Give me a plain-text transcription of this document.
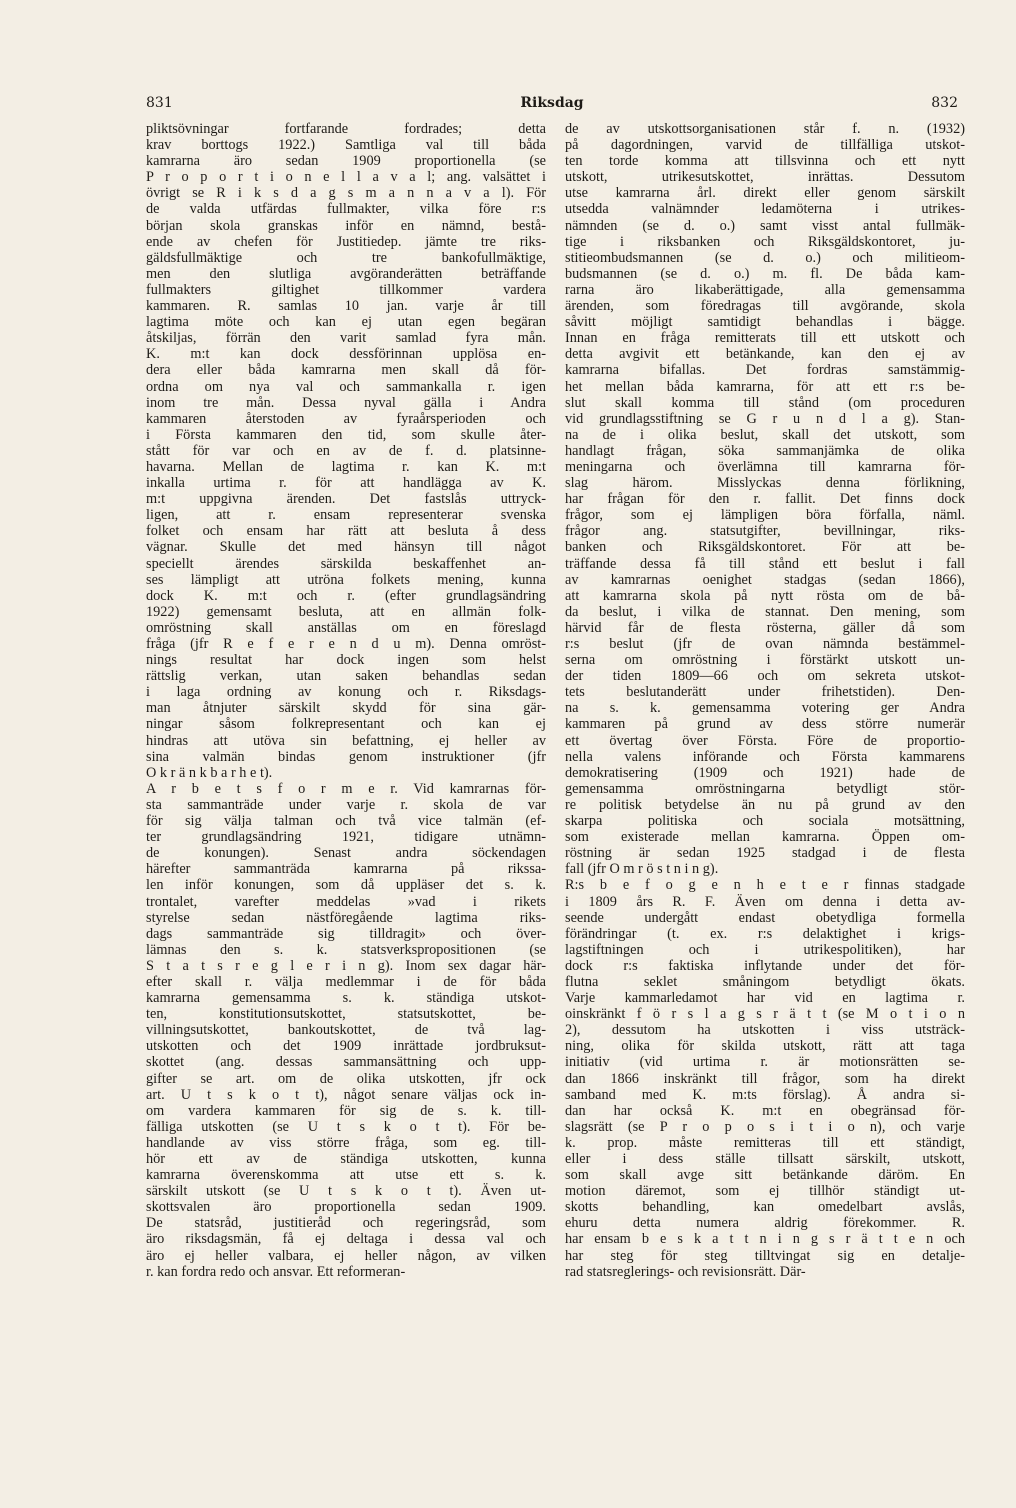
831	Riksdag	832
pliktsövningar fortfarande fordrades; detta
krav borttogs 1922.) Samtliga val till båda
kamrarna äro sedan 1909 proportionella (se
P r o p o r t i o n e l l a v a l; ang. valsättet i
övrigt se R i k s d a g s m a n n a v a l). För
de valda utfärdas fullmakter, vilka före r:s
början skola granskas inför en nämnd, bestå-
ende av chefen för Justitiedep. jämte tre riks-
gäldsfullmäktige och tre bankofullmäktige,
men den slutliga avgöranderätten beträffande
fullmakters giltighet tillkommer vardera
kammaren. R. samlas 10 jan. varje år till
lagtima möte och kan ej utan egen begäran
åtskiljas, förrän den varit samlad fyra mån.
K. m:t kan dock dessförinnan upplösa en-
dera eller båda kamrarna men skall då för-
ordna om nya val och sammankalla r. igen
inom tre mån. Dessa nyval gälla i Andra
kammaren återstoden av fyraårsperioden och
i Första kammaren den tid, som skulle åter-
stått för var och en av de f. d. platsinne-
havarna. Mellan de lagtima r. kan K. m:t
inkalla urtima r. för att handlägga av K.
m:t uppgivna ärenden. Det fastslås uttryck-
ligen, att r. ensam representerar svenska
folket och ensam har rätt att besluta å dess
vägnar. Skulle det med hänsyn till något
speciellt ärendes särskilda beskaffenhet an-
ses lämpligt att utröna folkets mening, kunna
dock K. m:t och r. (efter grundlagsändring
1922) gemensamt besluta, att en allmän folk-
omröstning skall anställas om en föreslagd
fråga (jfr R e f e r e n d u m). Denna omröst-
nings resultat har dock ingen som helst
rättslig verkan, utan saken behandlas sedan
i laga ordning av konung och r. Riksdags-
man åtnjuter särskilt skydd för sina gär-
ningar såsom folkrepresentant och kan ej
hindras att utöva sin befattning, ej heller av
sina valmän bindas genom instruktioner (jfr
O k r ä n k b a r h e t).
A r b e t s f o r m e r. Vid kamrarnas för-
sta sammanträde under varje r. skola de var
för sig välja talman och två vice talmän (ef-
ter grundlagsändring 1921, tidigare utnämn-
de konungen). Senast andra söckendagen
härefter sammanträda kamrarna på rikssa-
len inför konungen, som då uppläser det s. k.
trontalet, varefter meddelas »vad i rikets
styrelse sedan nästföregående lagtima riks-
dags sammanträde sig tilldragit» och över-
lämnas den s. k. statsverkspropositionen (se
S t a t s r e g l e r i n g). Inom sex dagar här-
efter skall r. välja medlemmar i de för båda
kamrarna gemensamma s. k. ständiga utskot-
ten, konstitutionsutskottet, statsutskottet, be-
villningsutskottet, bankoutskottet, de två lag-
utskotten och det 1909 inrättade jordbruksut-
skottet (ang. dessas sammansättning och upp-
gifter se art. om de olika utskotten, jfr ock
art. U t s k o t t), något senare väljas ock in-
om vardera kammaren för sig de s. k. till-
fälliga utskotten (se U t s k o t t). För be-
handlande av viss större fråga, som eg. till-
hör ett av de ständiga utskotten, kunna
kamrarna överenskomma att utse ett s. k.
särskilt utskott (se U t s k o t t). Även ut-
skottsvalen äro proportionella sedan 1909.
De statsråd, justitieråd och regeringsråd, som
äro riksdagsmän, få ej deltaga i dessa val och
äro ej heller valbara, ej heller någon, av vilken
r. kan fordra redo och ansvar. Ett reformeran-
de av utskottsorganisationen står f. n. (1932)
på dagordningen, varvid de tillfälliga utskot-
ten torde komma att tillsvinna och ett nytt
utskott, utrikesutskottet, inrättas. Dessutom
utse kamrarna årl. direkt eller genom särskilt
utsedda valnämnder ledamöterna i utrikes-
nämnden (se d. o.) samt visst antal fullmäk-
tige i riksbanken och Riksgäldskontoret, ju-
stitieombudsmannen (se d. o.) och militieom-
budsmannen (se d. o.) m. fl. De båda kam-
rarna äro likaberättigade, alla gemensamma
ärenden, som föredragas till avgörande, skola
såvitt möjligt samtidigt behandlas i bägge.
Innan en fråga remitterats till ett utskott och
detta avgivit ett betänkande, kan den ej av
kamrarna bifallas. Det fordras samstämmig-
het mellan båda kamrarna, för att ett r:s be-
slut skall komma till stånd (om proceduren
vid grundlagsstiftning se G r u n d l a g). Stan-
na de i olika beslut, skall det utskott, som
handlagt frågan, söka sammanjämka de olika
meningarna och överlämna till kamrarna för-
slag härom. Misslyckas denna förlikning,
har frågan för den r. fallit. Det finns dock
frågor, som ej lämpligen böra förfalla, näml.
frågor ang. statsutgifter, bevillningar, riks-
banken och Riksgäldskontoret. För att be-
träffande dessa få till stånd ett beslut i fall
av kamrarnas oenighet stadgas (sedan 1866),
att kamrarna skola på nytt rösta om de bå-
da beslut, i vilka de stannat. Den mening, som
härvid får de flesta rösterna, gäller då som
r:s beslut (jfr de ovan nämnda bestämmel-
serna om omröstning i förstärkt utskott un-
der tiden 1809—66 och om sekreta utskot-
tets beslutanderätt under frihetstiden). Den-
na s. k. gemensamma votering ger Andra
kammaren på grund av dess större numerär
ett övertag över Första. Före de proportio-
nella valens införande och Första kammarens
demokratisering (1909 och 1921) hade de
gemensamma omröstningarna betydligt stör-
re politisk betydelse än nu på grund av den
skarpa politiska och sociala motsättning,
som existerade mellan kamrarna. Öppen om-
röstning är sedan 1925 stadgad i de flesta
fall (jfr O m r ö s t n i n g).
R:s b e f o g e n h e t e r finnas stadgade
i 1809 års R. F. Även om denna i detta av-
seende undergått endast obetydliga formella
förändringar (t. ex. r:s delaktighet i krigs-
lagstiftningen och i utrikespolitiken), har
dock r:s faktiska inflytande under det för-
flutna seklet småningom betydligt ökats.
Varje kammarledamot har vid en lagtima r.
oinskränkt f ö r s l a g s r ä t t (se M o t i o n
2), dessutom ha utskotten i viss utsträck-
ning, olika för skilda utskott, rätt att taga
initiativ (vid urtima r. är motionsrätten se-
dan 1866 inskränkt till frågor, som ha direkt
samband med K. m:ts förslag). Å andra si-
dan har också K. m:t en obegränsad för-
slagsrätt (se P r o p o s i t i o n), och varje
k. prop. måste remitteras till ett ständigt,
eller i dess ställe tillsatt särskilt, utskott,
som skall avge sitt betänkande däröm. En
motion däremot, som ej tillhör ständigt ut-
skotts behandling, kan omedelbart avslås,
ehuru detta numera aldrig förekommer. R.
har ensam b e s k a t t n i n g s r ä t t e n och
har steg för steg tilltvingat sig en detalje-
rad statsreglerings- och revisionsrätt. Där-
